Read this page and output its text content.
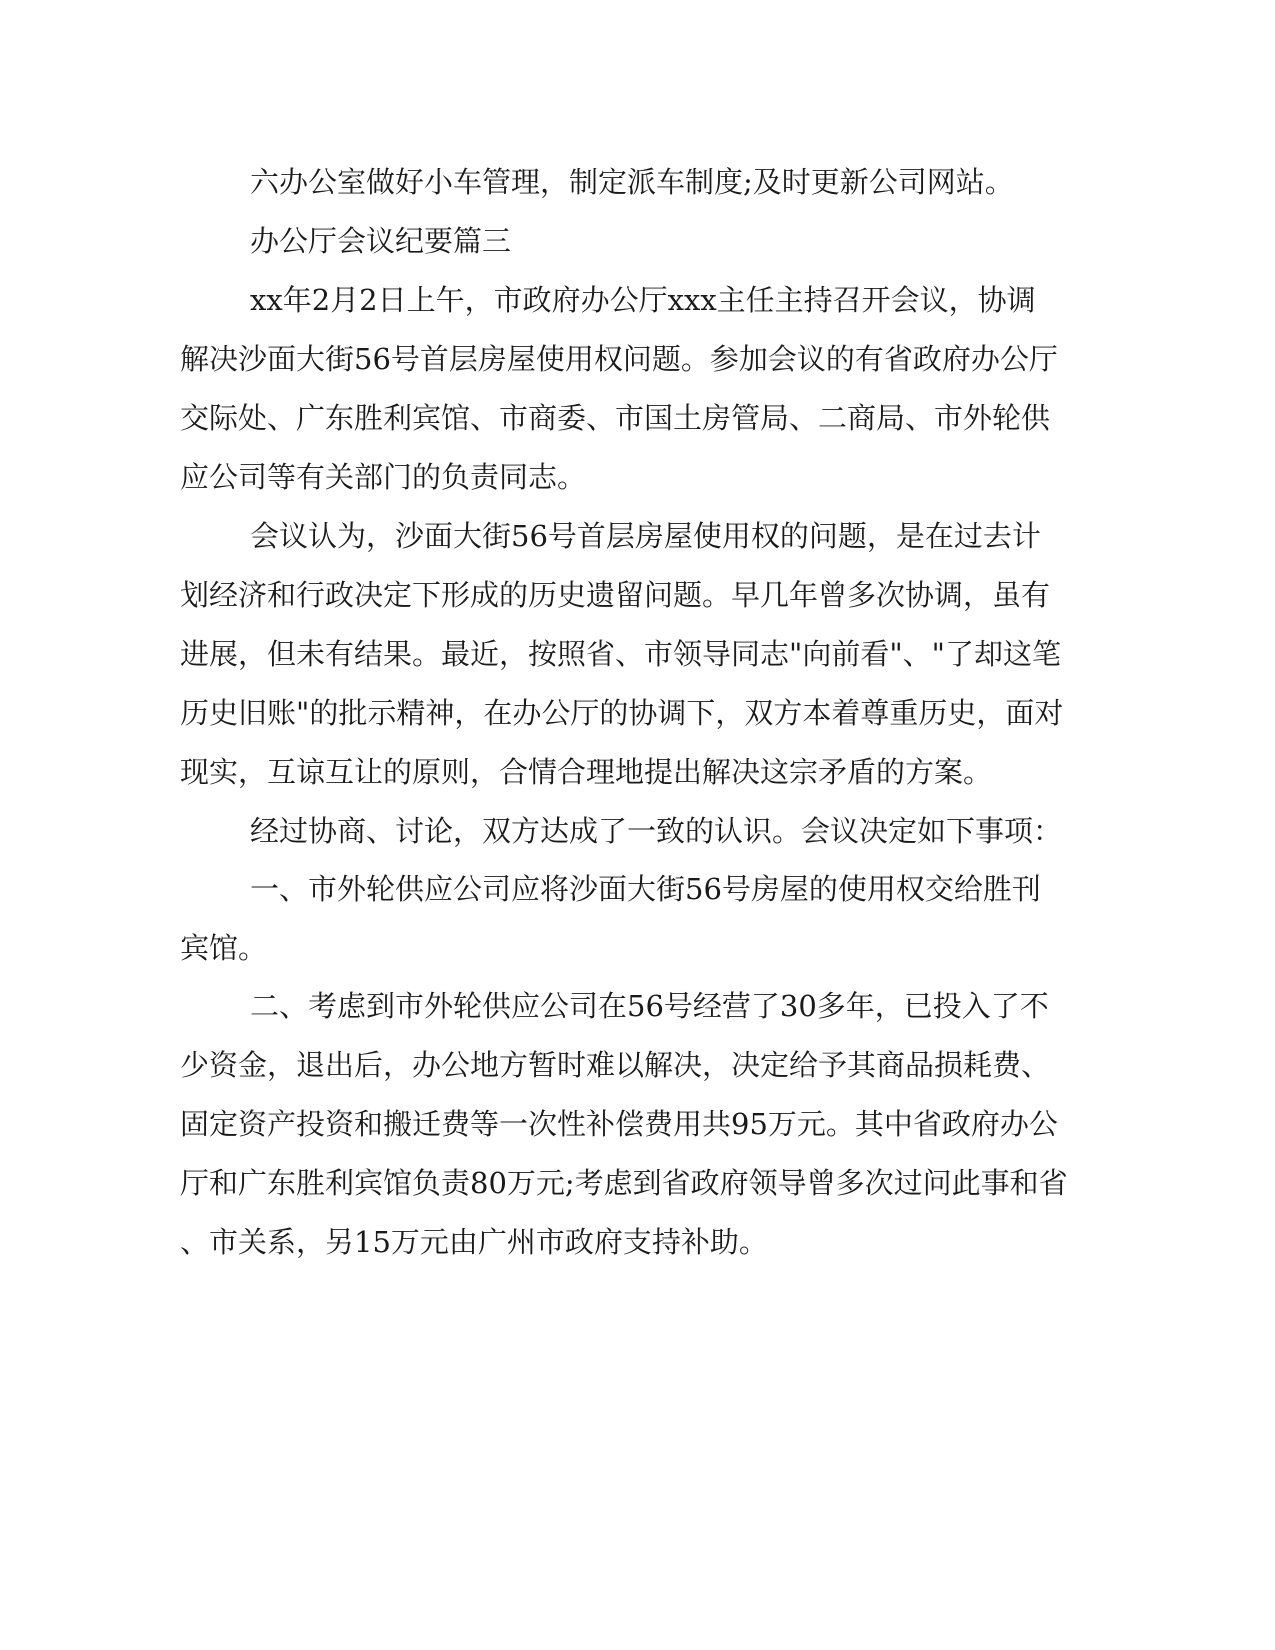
六办公室做好小车管理，制定派车制度;及时更新公司网站。

办公厅会议纪要篇三

xx年2月2日上午，市政府办公厅xxx主任主持召开会议，协调

解决沙面大街56号首层房屋使用权问题。参加会议的有省政府办公厅

交际处、广东胜利宾馆、市商委、市国土房管局、二商局、市外轮供

应公司等有关部门的负责同志。

会议认为，沙面大街56号首层房屋使用权的问题，是在过去计

划经济和行政决定下形成的历史遗留问题。早几年曾多次协调，虽有

进展，但未有结果。最近，按照省、市领导同志"向前看"、"了却这笔

历史旧账"的批示精神，在办公厅的协调下，双方本着尊重历史，面对

现实，互谅互让的原则，合情合理地提出解决这宗矛盾的方案。

经过协商、讨论，双方达成了一致的认识。会议决定如下事项：

一、市外轮供应公司应将沙面大街56号房屋的使用权交给胜刊

宾馆。

二、考虑到市外轮供应公司在56号经营了30多年，已投入了不

少资金，退出后，办公地方暂时难以解决，决定给予其商品损耗费、

固定资产投资和搬迁费等一次性补偿费用共95万元。其中省政府办公

厅和广东胜利宾馆负责80万元;考虑到省政府领导曾多次过问此事和省

、市关系，另15万元由广州市政府支持补助。
